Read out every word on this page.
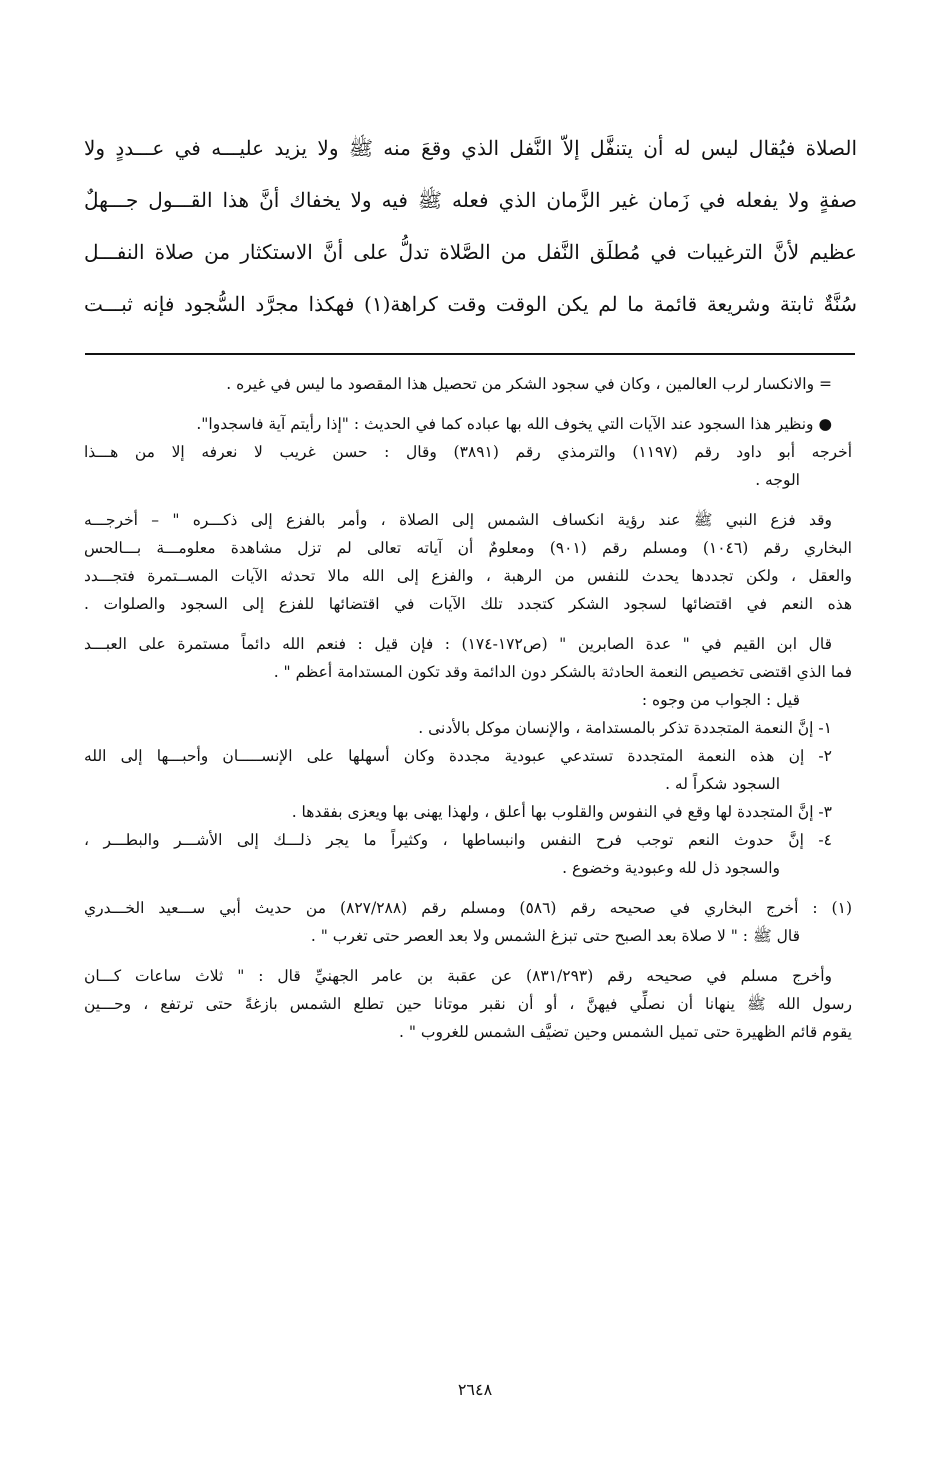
الصلاة فيُقال ليس له أن يتنفَّل إلاّ النَّفل الذي وقعَ منه ﷺ ولا يزيد عليـــه في عـــددٍ ولا
صفةٍ ولا يفعله في زَمان غير الزَّمان الذي فعله ﷺ فيه ولا يخفاك أنَّ هذا القـــول جـــهلٌ
عظيم لأنَّ الترغيبات في مُطلَق النَّفل من الصَّلاة تدلُّ على أنَّ الاستكثار من صلاة النفـــل
سُنَّةٌ ثابتة وشريعة قائمة ما لم يكن الوقت وقت كراهة(١) فهكذا مجرَّد السُّجود فإنه ثبـــت
= والانكسار لرب العالمين ، وكان في سجود الشكر من تحصيل هذا المقصود ما ليس في غيره .
● ونظير هذا السجود عند الآيات التي يخوف الله بها عباده كما في الحديث : "إذا رأيتم آية فاسجدوا".
أخرجه أبو داود رقم (١١٩٧) والترمذي رقم (٣٨٩١) وقال : حسن غريب لا نعرفه إلا من هـــذا
الوجه .
وقد فزع النبي ﷺ عند رؤية انكساف الشمس إلى الصلاة ، وأمر بالفزع إلى ذكـــره " – أخرجـــه
البخاري رقم (١٠٤٦) ومسلم رقم (٩٠١) ومعلومٌ أن آياته تعالى لم تزل مشاهدة معلومـــة بـــالحس
والعقل ، ولكن تجددها يحدث للنفس من الرهبة ، والفزع إلى الله مالا تحدثه الآيات المســتمرة فتجـــدد
هذه النعم في اقتضائها لسجود الشكر كتجدد تلك الآيات في اقتضائها للفزع إلى السجود والصلوات .
قال ابن القيم في " عدة الصابرين " (ص١٧٢-١٧٤) : فإن قيل : فنعم الله دائماً مستمرة على العبـــد
فما الذي اقتضى تخصيص النعمة الحادثة بالشكر دون الدائمة وقد تكون المستدامة أعظم " .
قيل : الجواب من وجوه :
١- إنَّ النعمة المتجددة تذكر بالمستدامة ، والإنسان موكل بالأدنى .
٢- إن هذه النعمة المتجددة تستدعي عبودية مجددة وكان أسهلها على الإنســـــان وأحبـــها إلى الله
السجود شكراً له .
٣- إنَّ المتجددة لها وقع في النفوس والقلوب بها أعلق ، ولهذا يهنى بها ويعزى بفقدها .
٤- إنَّ حدوث النعم توجب فرح النفس وانبساطها ، وكثيراً ما يجر ذلـــك إلى الأشـــر والبطـــر ،
والسجود ذل لله وعبودية وخضوع .
(١) : أخرج البخاري في صحيحه رقم (٥٨٦) ومسلم رقم (٨٢٧/٢٨٨) من حديث أبي ســـعيد الخـــدري
قال ﷺ : " لا صلاة بعد الصبح حتى تبزغ الشمس ولا بعد العصر حتى تغرب " .
وأخرج مسلم في صحيحه رقم (٨٣١/٢٩٣) عن عقبة بن عامر الجهنيِّ قال : " ثلاث ساعات كـــان
رسول الله ﷺ ينهانا أن نصلِّي فيهنَّ ، أو أن نقبر موتانا حين تطلع الشمس بازغةً حتى ترتفع ، وحـــين
يقوم قائم الظهيرة حتى تميل الشمس وحين تضيَّف الشمس للغروب " .
٢٦٤٨
